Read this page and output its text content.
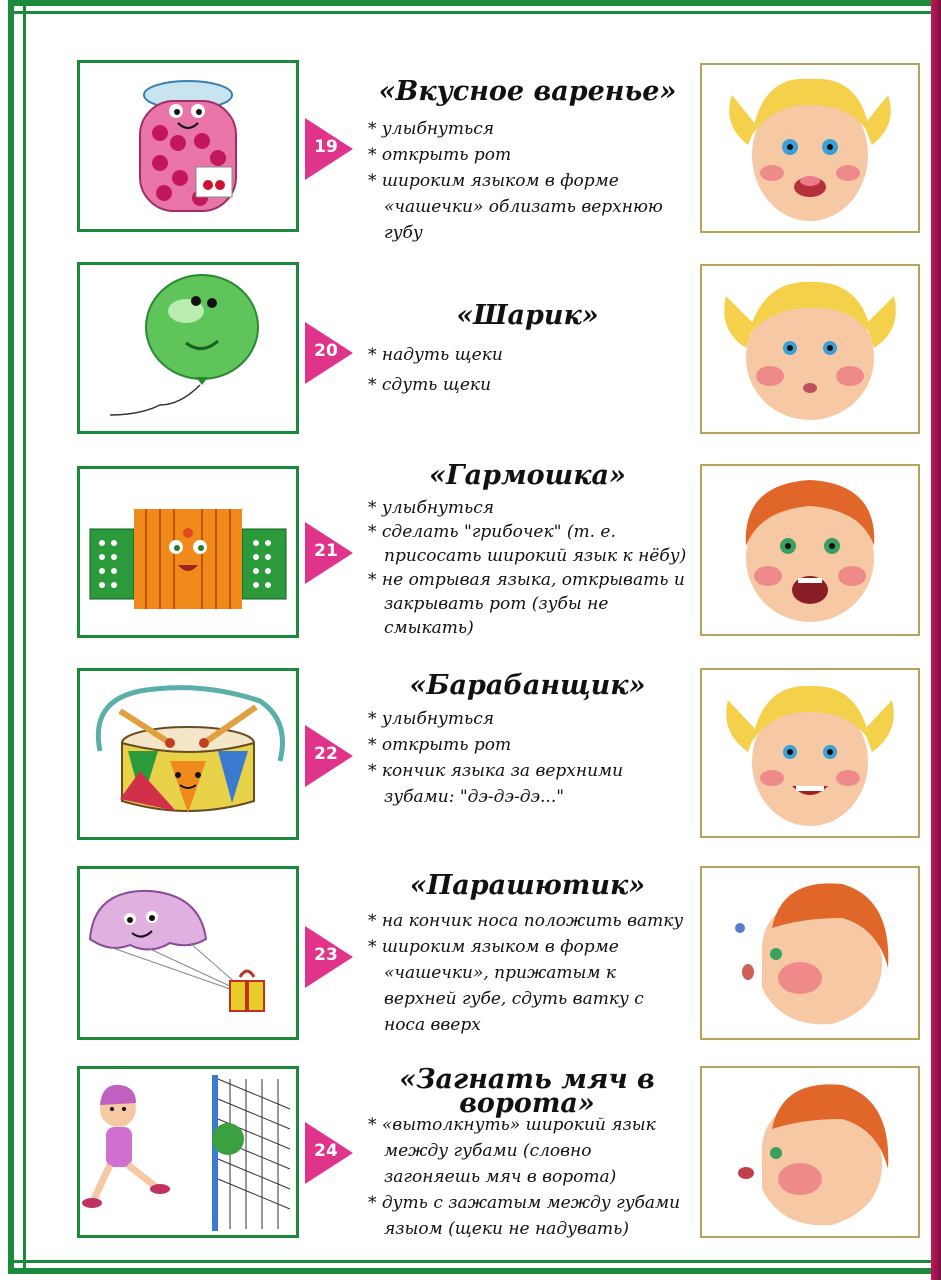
19
«Вкусное варенье»
* улыбнуться
* открыть рот
* широким языком в форме «чашечки» облизать верхнюю губу
20
«Шарик»
* надуть щеки
* сдуть щеки
21
«Гармошка»
* улыбнуться
* сделать "грибочек" (т. е. присосать широкий язык к нёбу)
* не отрывая языка, открывать и закрывать рот (зубы не смыкать)
22
«Барабанщик»
* улыбнуться
* открыть рот
* кончик языка за верхними зубами: "дэ-дэ-дэ..."
23
«Парашютик»
* на кончик носа положить ватку
* широким языком в форме «чашечки», прижатым к верхней губе, сдуть ватку с носа вверх
24
«Загнать мяч в ворота»
* «вытолкнуть» широкий язык между губами (словно загоняешь мяч в ворота)
* дуть с зажатым между губами языом (щеки не надувать)
